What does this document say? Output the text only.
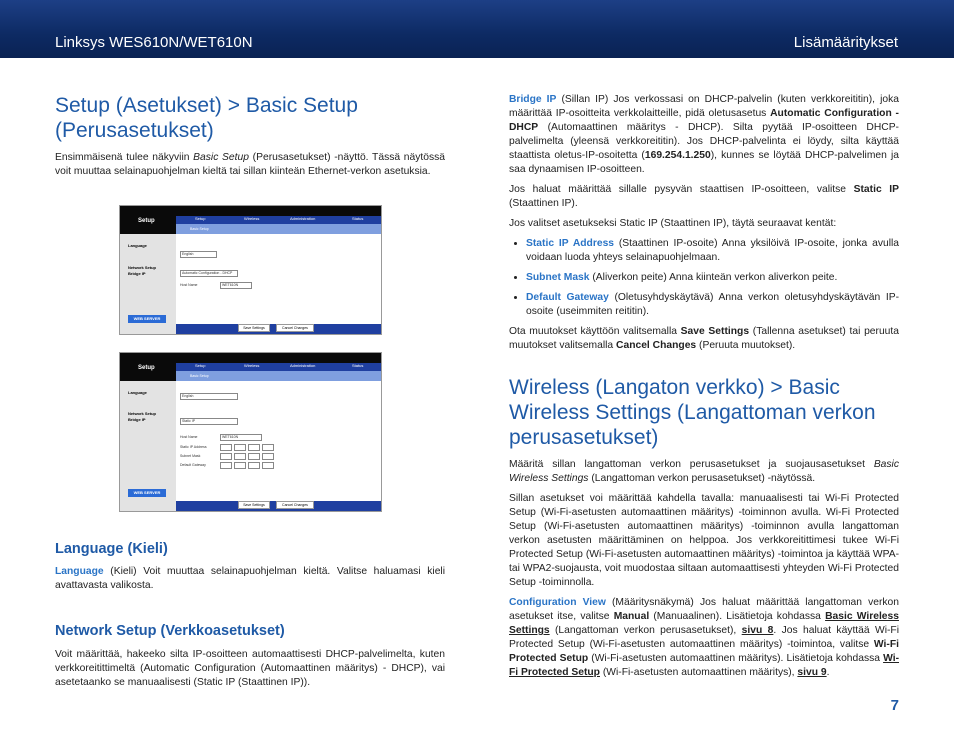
Linksys WES610N/WET610N	Lisämääritykset
Setup (Asetukset) > Basic Setup (Perusasetukset)

Ensimmäisenä tulee näkyviin Basic Setup (Perusasetukset) -näyttö. Tässä näytössä voit muuttaa selainapuohjelman kieltä tai sillan kiinteän Ethernet-verkon asetuksia.

Setup	Setup	Wireless	Administration	Status
Basic Setup
Language
Network Setup
Bridge IP
English
Automatic Configuration - DHCP
Host Name	WET610N
WEB SERVER
Save Settings	Cancel Changes
Setup	Setup	Wireless	Administration	Status
Basic Setup
Language
Network Setup
Bridge IP
English
Static IP
Host Name	WET610N
Static IP Address
Subnet Mask
Default Gateway
WEB SERVER
Save Settings	Cancel Changes
Language (Kieli)

Language (Kieli) Voit muuttaa selainapuohjelman kieltä. Valitse haluamasi kieli avattavasta valikosta.

Network Setup (Verkkoasetukset)

Voit määrittää, hakeeko silta IP-osoitteen automaattisesti DHCP-palvelimelta, kuten verkkoreitittimeltä (Automatic Configuration (Automaattinen määritys) - DHCP), vai asetetaanko se manuaalisesti (Static IP (Staattinen IP)).

Bridge IP (Sillan IP) Jos verkossasi on DHCP-palvelin (kuten verkkoreititin), joka määrittää IP-osoitteita verkkolaitteille, pidä oletusasetus Automatic Configuration - DHCP (Automaattinen määritys - DHCP). Silta pyytää IP-osoitteen DHCP-palvelimelta (yleensä verkkoreititin). Jos DHCP-palvelinta ei löydy, silta käyttää staattista oletus-IP-osoitetta (169.254.1.250), kunnes se löytää DHCP-palvelimen ja saa dynaamisen IP-osoitteen.

Jos haluat määrittää sillalle pysyvän staattisen IP-osoitteen, valitse Static IP (Staattinen IP).

Jos valitset asetukseksi Static IP (Staattinen IP), täytä seuraavat kentät:

• Static IP Address (Staattinen IP-osoite) Anna yksilöivä IP-osoite, jonka avulla voidaan luoda yhteys selainapuohjelmaan.
• Subnet Mask (Aliverkon peite) Anna kiinteän verkon aliverkon peite.
• Default Gateway (Oletusyhdyskäytävä) Anna verkon oletusyhdyskäytävän IP-osoite (useimmiten reititin).

Ota muutokset käyttöön valitsemalla Save Settings (Tallenna asetukset) tai peruuta muutokset valitsemalla Cancel Changes (Peruuta muutokset).

Wireless (Langaton verkko) > Basic Wireless Settings (Langattoman verkon perusasetukset)

Määritä sillan langattoman verkon perusasetukset ja suojausasetukset Basic Wireless Settings (Langattoman verkon perusasetukset) -näytössä.

Sillan asetukset voi määrittää kahdella tavalla: manuaalisesti tai Wi-Fi Protected Setup (Wi-Fi-asetusten automaattinen määritys) -toiminnon avulla. Wi-Fi Protected Setup (Wi-Fi-asetusten automaattinen määritys) -toiminnon avulla langattoman verkon asetusten määrittäminen on helppoa. Jos verkkoreitittimesi tukee Wi-Fi Protected Setup (Wi-Fi-asetusten automaattinen määritys) -toimintoa ja käyttää WPA- tai WPA2-suojausta, voit muodostaa siltaan automaattisesti yhteyden Wi-Fi Protected Setup -toiminnolla.

Configuration View (Määritysnäkymä) Jos haluat määrittää langattoman verkon asetukset itse, valitse Manual (Manuaalinen). Lisätietoja kohdassa Basic Wireless Settings (Langattoman verkon perusasetukset), sivu 8. Jos haluat käyttää Wi-Fi Protected Setup (Wi-Fi-asetusten automaattinen määritys) -toimintoa, valitse Wi-Fi Protected Setup (Wi-Fi-asetusten automaattinen määritys). Lisätietoja kohdassa Wi-Fi Protected Setup (Wi-Fi-asetusten automaattinen määritys), sivu 9.

7
